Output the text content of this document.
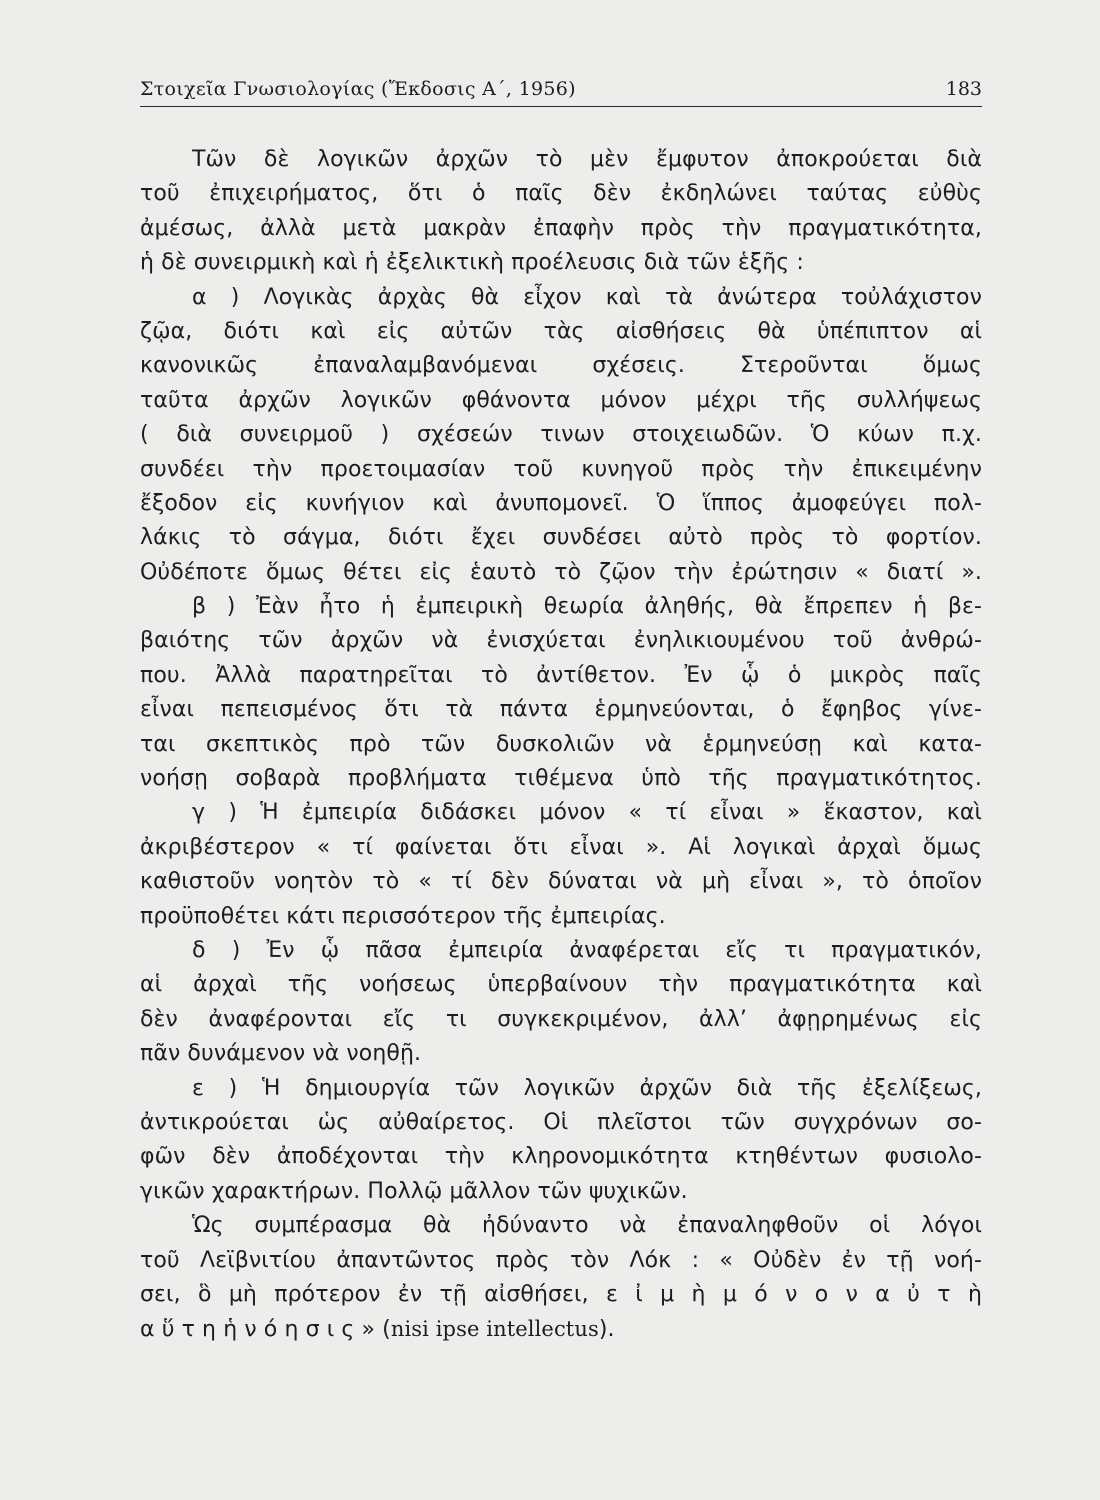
Στοιχεῖα Γνωσιολογίας (Ἔκδοσις Α΄, 1956)	183
Τῶν δὲ λογικῶν ἀρχῶν τὸ μὲν ἔμφυτον ἀποκρούεται διὰ
τοῦ ἐπιχειρήματος, ὅτι ὁ παῖς δὲν ἐκδηλώνει ταύτας εὐθὺς
ἀμέσως, ἀλλὰ μετὰ μακρὰν ἐπαφὴν πρὸς τὴν πραγματικότητα,
ἡ δὲ συνειρμικὴ καὶ ἡ ἐξελικτικὴ προέλευσις διὰ τῶν ἑξῆς :
α ) Λογικὰς ἀρχὰς θὰ εἶχον καὶ τὰ ἀνώτερα τοὐλάχιστον
ζῷα, διότι καὶ εἰς αὐτῶν τὰς αἰσθήσεις θὰ ὑπέπιπτον αἱ
κανονικῶς ἐπαναλαμβανόμεναι σχέσεις. Στεροῦνται ὅμως
ταῦτα ἀρχῶν λογικῶν φθάνοντα μόνον μέχρι τῆς συλλήψεως
( διὰ συνειρμοῦ ) σχέσεών τινων στοιχειωδῶν. Ὁ κύων π.χ.
συνδέει τὴν προετοιμασίαν τοῦ κυνηγοῦ πρὸς τὴν ἐπικειμένην
ἔξοδον εἰς κυνήγιον καὶ ἀνυπομονεῖ. Ὁ ἵππος ἀμοφεύγει πολ-
λάκις τὸ σάγμα, διότι ἔχει συνδέσει αὐτὸ πρὸς τὸ φορτίον.
Οὐδέποτε ὅμως θέτει εἰς ἑαυτὸ τὸ ζῷον τὴν ἐρώτησιν « διατί ».
β ) Ἐὰν ἦτο ἡ ἐμπειρικὴ θεωρία ἀληθής, θὰ ἔπρεπεν ἡ βε-
βαιότης τῶν ἀρχῶν νὰ ἐνισχύεται ἐνηλικιουμένου τοῦ ἀνθρώ-
που. Ἀλλὰ παρατηρεῖται τὸ ἀντίθετον. Ἐν ᾧ ὁ μικρὸς παῖς
εἶναι πεπεισμένος ὅτι τὰ πάντα ἑρμηνεύονται, ὁ ἔφηβος γίνε-
ται σκεπτικὸς πρὸ τῶν δυσκολιῶν νὰ ἑρμηνεύσῃ καὶ κατα-
νοήσῃ σοβαρὰ προβλήματα τιθέμενα ὑπὸ τῆς πραγματικότητος.
γ ) Ἡ ἐμπειρία διδάσκει μόνον « τί εἶναι » ἕκαστον, καὶ
ἀκριβέστερον « τί φαίνεται ὅτι εἶναι ». Αἱ λογικαὶ ἀρχαὶ ὅμως
καθιστοῦν νοητὸν τὸ « τί δὲν δύναται νὰ μὴ εἶναι », τὸ ὁποῖον
προϋποθέτει κάτι περισσότερον τῆς ἐμπειρίας.
δ ) Ἐν ᾧ πᾶσα ἐμπειρία ἀναφέρεται εἴς τι πραγματικόν,
αἱ ἀρχαὶ τῆς νοήσεως ὑπερβαίνουν τὴν πραγματικότητα καὶ
δὲν ἀναφέρονται εἴς τι συγκεκριμένον, ἀλλ’ ἀφῃρημένως εἰς
πᾶν δυνάμενον νὰ νοηθῇ.
ε ) Ἡ δημιουργία τῶν λογικῶν ἀρχῶν διὰ τῆς ἐξελίξεως,
ἀντικρούεται ὡς αὐθαίρετος. Οἱ πλεῖστοι τῶν συγχρόνων σο-
φῶν δὲν ἀποδέχονται τὴν κληρονομικότητα κτηθέντων φυσιολο-
γικῶν χαρακτήρων. Πολλῷ μᾶλλον τῶν ψυχικῶν.
Ὡς συμπέρασμα θὰ ἠδύναντο νὰ ἐπαναληφθοῦν οἱ λόγοι
τοῦ Λεϊβνιτίου ἀπαντῶντος πρὸς τὸν Λόκ : « Οὐδὲν ἐν τῇ νοή-
σει, ὃ μὴ πρότερον ἐν τῇ αἰσθήσει, ε ἰ μ ὴ μ ό ν ο ν α ὐ τ ὴ
α ὕ τ η ἡ ν ό η σ ι ς » (nisi ipse intellectus).
